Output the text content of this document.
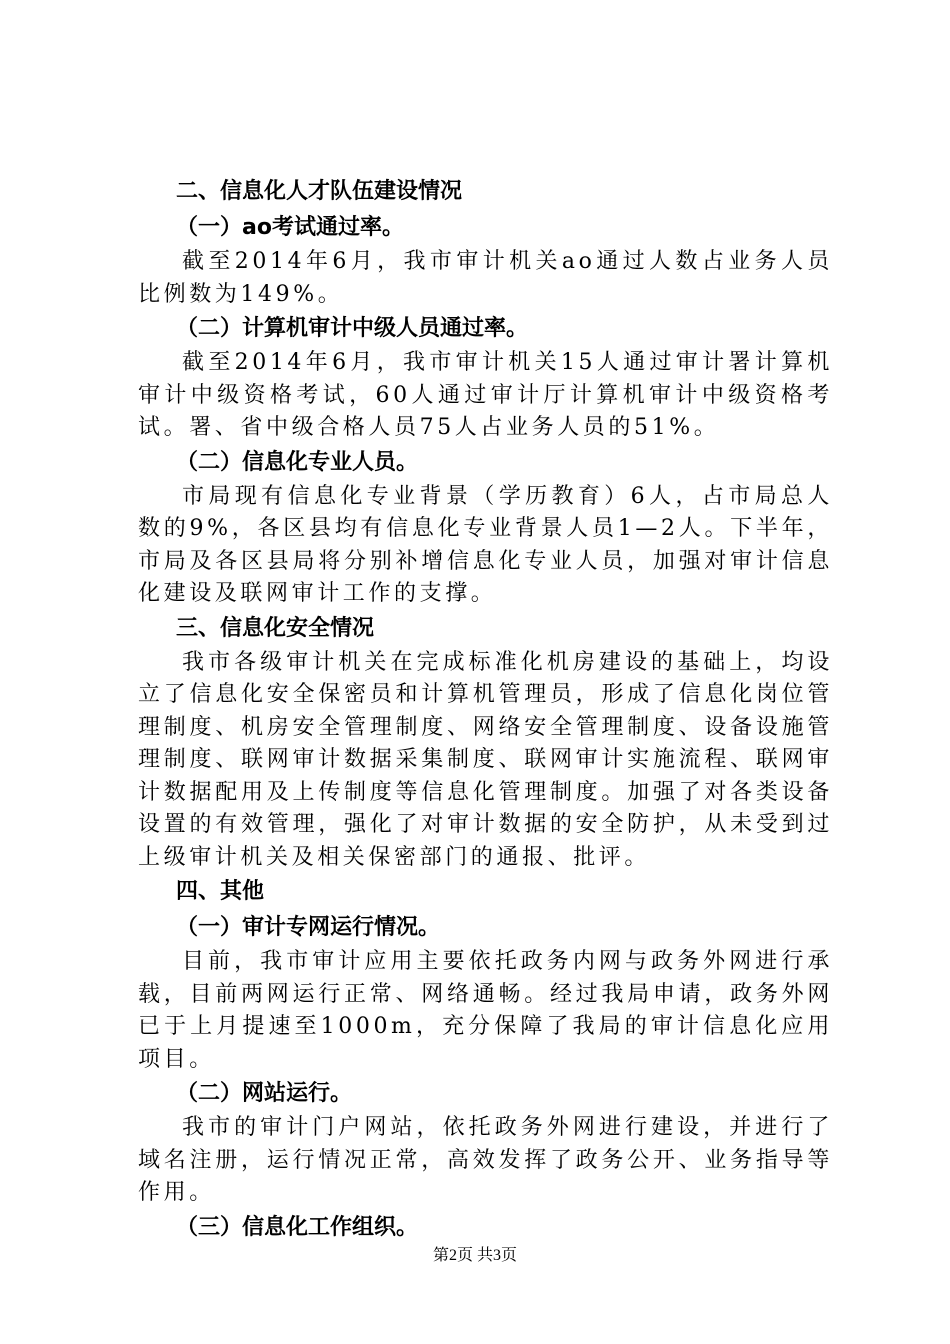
二、信息化人才队伍建设情况
（一）ao考试通过率。
截至2014年6月，我市审计机关ao通过人数占业务人员比例数为149%。
（二）计算机审计中级人员通过率。
截至2014年6月，我市审计机关15人通过审计署计算机审计中级资格考试，60人通过审计厅计算机审计中级资格考试。署、省中级合格人员75人占业务人员的51%。
（二）信息化专业人员。
市局现有信息化专业背景（学历教育）6人，占市局总人数的9%，各区县均有信息化专业背景人员1—2人。下半年，市局及各区县局将分别补增信息化专业人员，加强对审计信息化建设及联网审计工作的支撑。
三、信息化安全情况
我市各级审计机关在完成标准化机房建设的基础上，均设立了信息化安全保密员和计算机管理员，形成了信息化岗位管理制度、机房安全管理制度、网络安全管理制度、设备设施管理制度、联网审计数据采集制度、联网审计实施流程、联网审计数据配用及上传制度等信息化管理制度。加强了对各类设备设置的有效管理，强化了对审计数据的安全防护，从未受到过上级审计机关及相关保密部门的通报、批评。
四、其他
（一）审计专网运行情况。
目前，我市审计应用主要依托政务内网与政务外网进行承载，目前两网运行正常、网络通畅。经过我局申请，政务外网已于上月提速至1000m，充分保障了我局的审计信息化应用项目。
（二）网站运行。
我市的审计门户网站，依托政务外网进行建设，并进行了域名注册，运行情况正常，高效发挥了政务公开、业务指导等作用。
（三）信息化工作组织。
第2页 共3页
